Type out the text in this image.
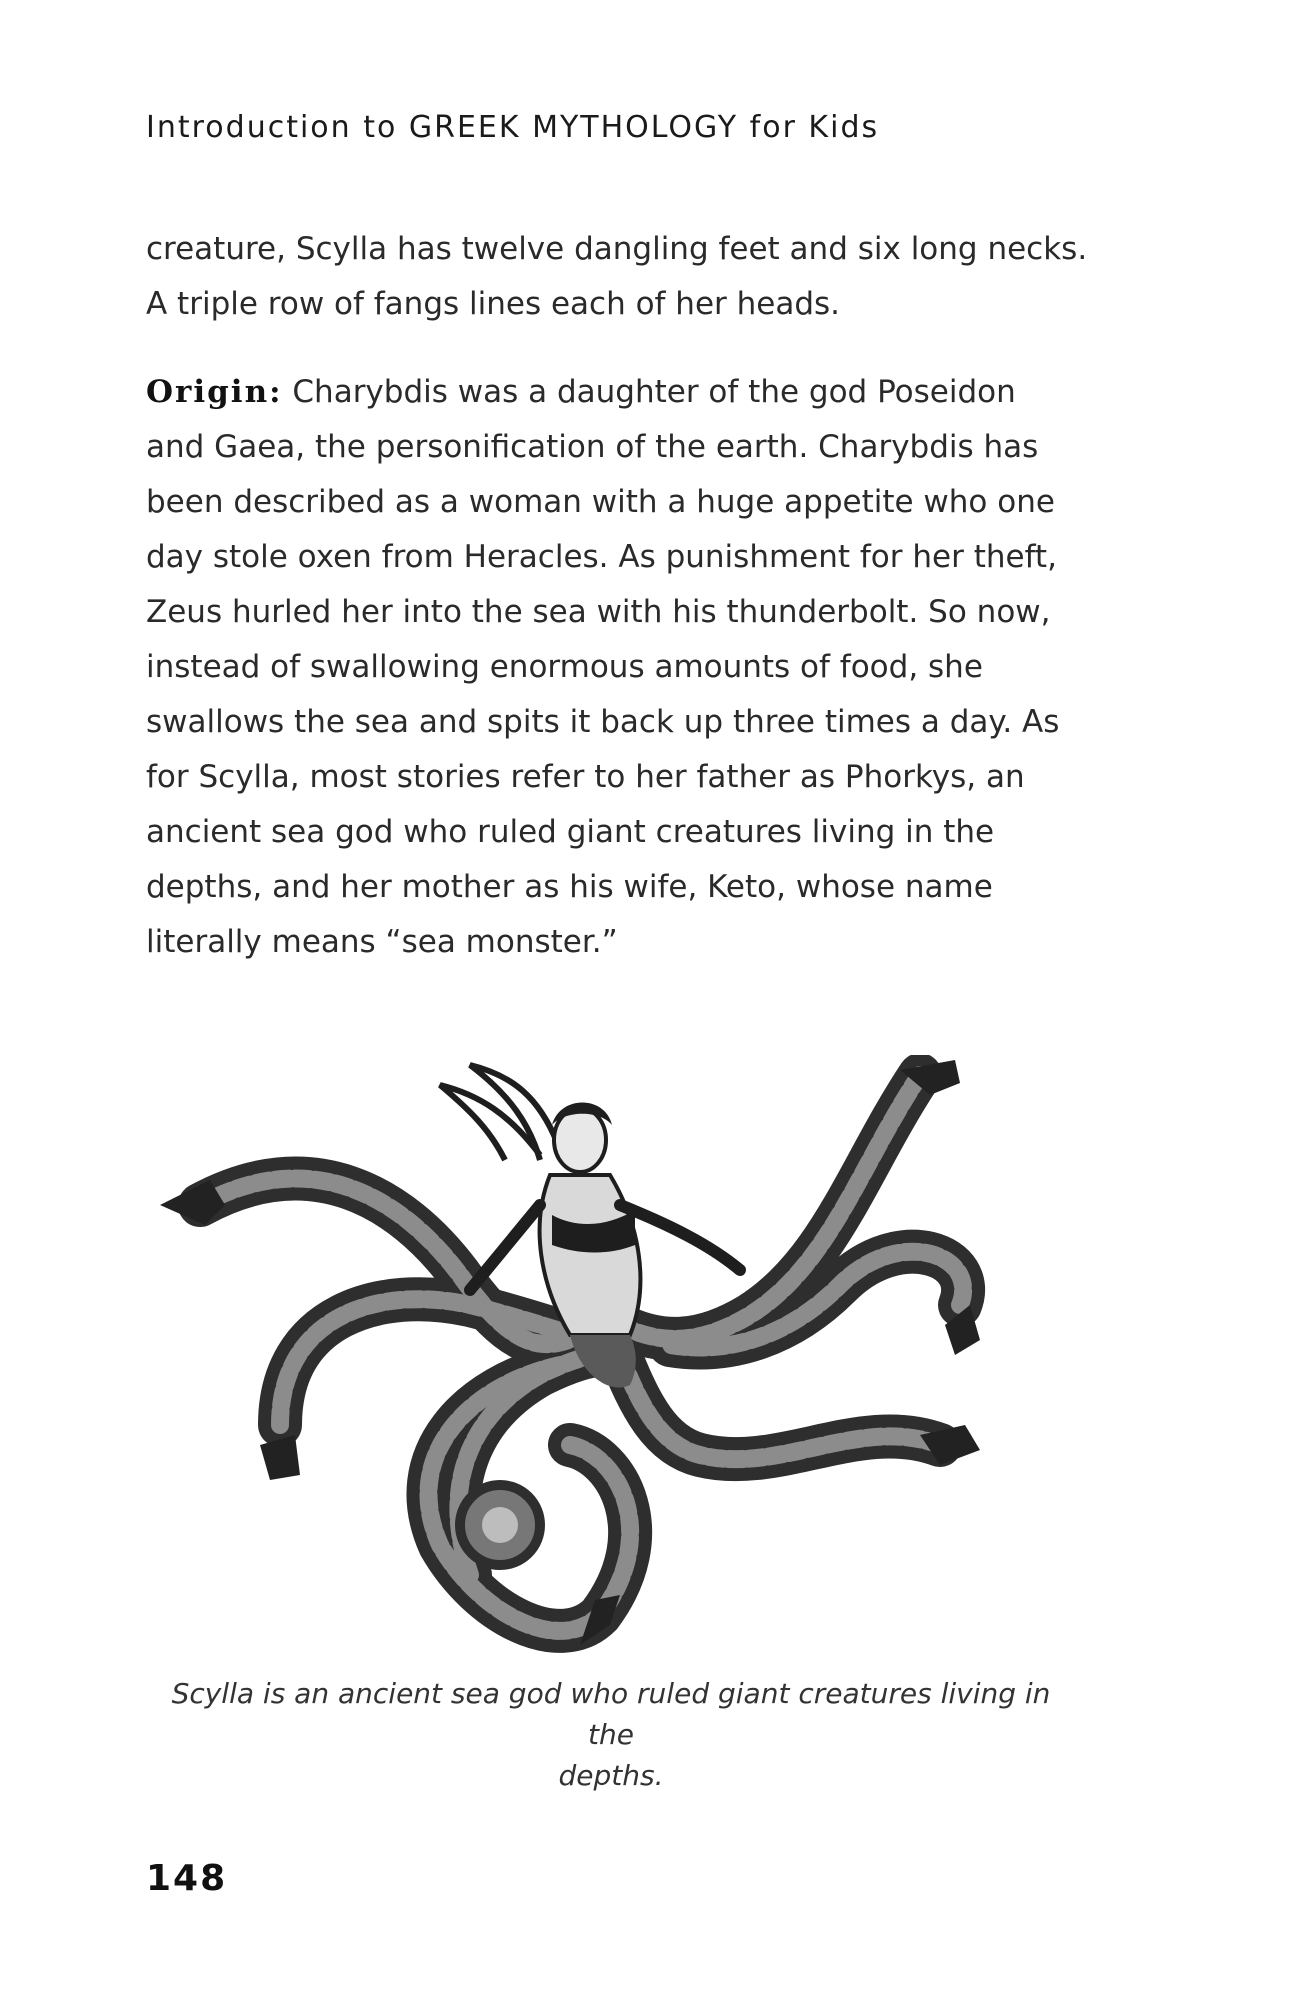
Introduction to GREEK MYTHOLOGY for Kids
creature, Scylla has twelve dangling feet and six long necks.
A triple row of fangs lines each of her heads.
Origin: Charybdis was a daughter of the god Poseidon
and Gaea, the personification of the earth. Charybdis has
been described as a woman with a huge appetite who one
day stole oxen from Heracles. As punishment for her theft,
Zeus hurled her into the sea with his thunderbolt. So now,
instead of swallowing enormous amounts of food, she
swallows the sea and spits it back up three times a day. As
for Scylla, most stories refer to her father as Phorkys, an
ancient sea god who ruled giant creatures living in the
depths, and her mother as his wife, Keto, whose name
literally means “sea monster.”
Scylla is an ancient sea god who ruled giant creatures living in the
depths.
148
